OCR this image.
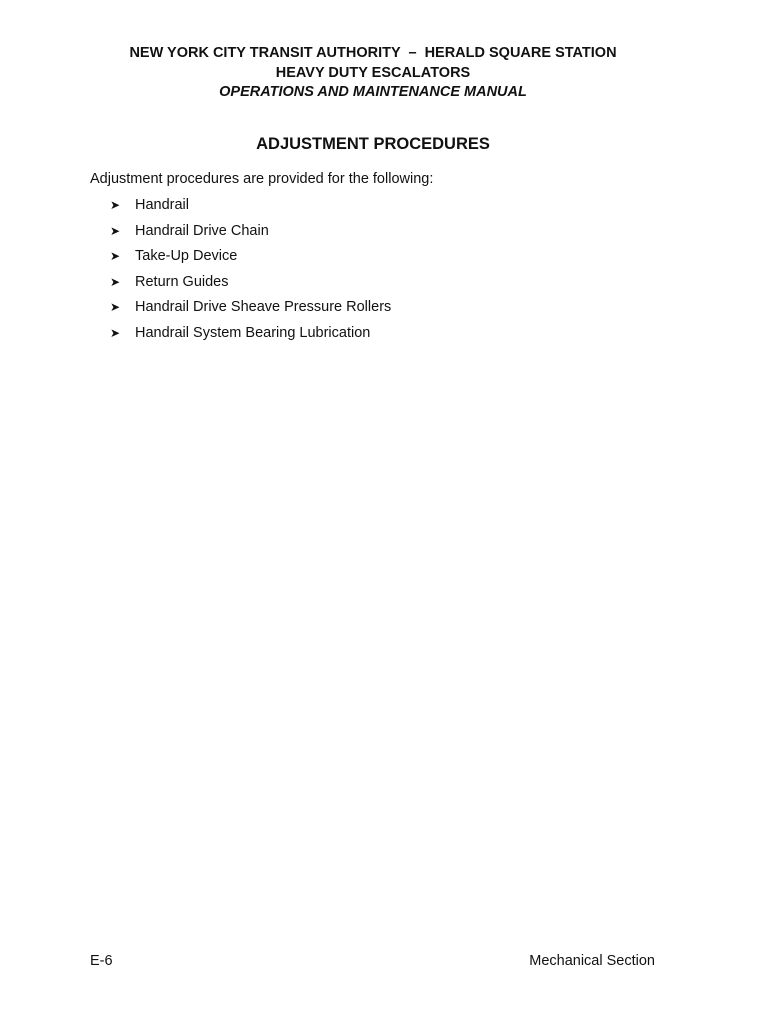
NEW YORK CITY TRANSIT AUTHORITY  –  HERALD SQUARE STATION
HEAVY DUTY ESCALATORS
OPERATIONS AND MAINTENANCE MANUAL
ADJUSTMENT PROCEDURES
Adjustment procedures are provided for the following:
➤	Handrail
➤	Handrail Drive Chain
➤	Take-Up Device
➤	Return Guides
➤	Handrail Drive Sheave Pressure Rollers
➤	Handrail System Bearing Lubrication
E-6	Mechanical Section
